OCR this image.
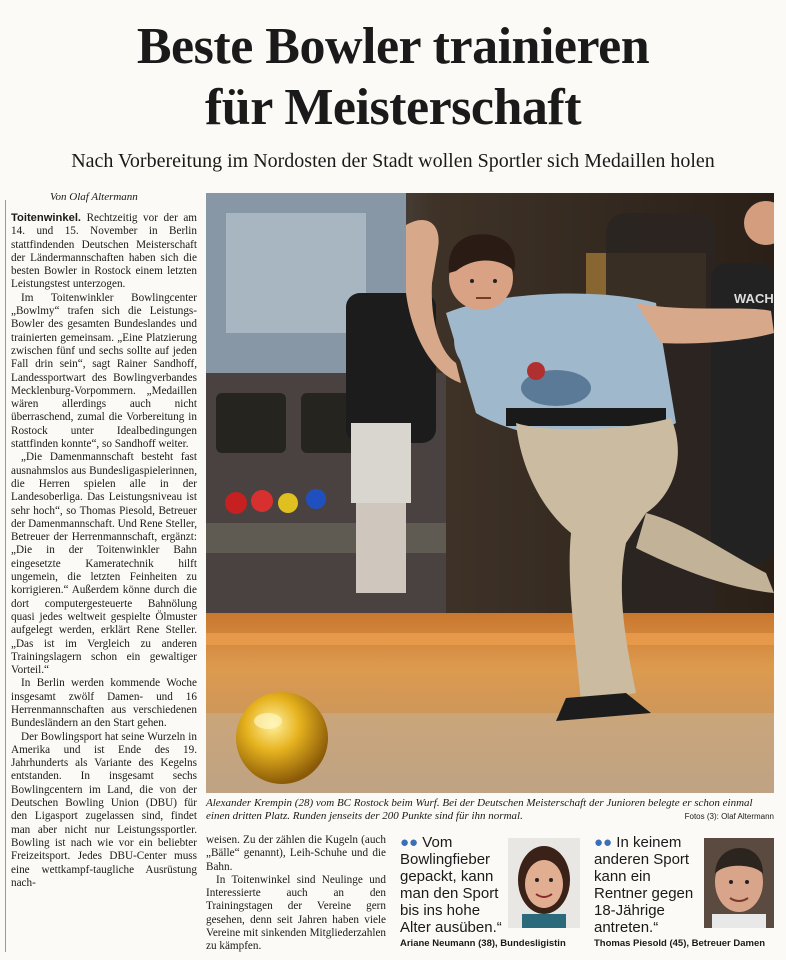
Beste Bowler trainieren
für Meisterschaft
Nach Vorbereitung im Nordosten der Stadt wollen Sportler sich Medaillen holen
Von Olaf Altermann

Toitenwinkel. Rechtzeitig vor der am 14. und 15. November in Berlin stattfindenden Deutschen Meisterschaft der Ländermannschaften haben sich die besten Bowler in Rostock einem letzten Leistungstest unterzogen.

Im Toitenwinkler Bowlingcenter „Bowlmy“ trafen sich die Leistungs-Bowler des gesamten Bundeslandes und trainierten gemeinsam. „Eine Platzierung zwischen fünf und sechs sollte auf jeden Fall drin sein“, sagt Rainer Sandhoff, Landessportwart des Bowlingverbandes Mecklenburg-Vorpommern. „Medaillen wären allerdings auch nicht überraschend, zumal die Vorbereitung in Rostock unter Idealbedingungen stattfinden konnte“, so Sandhoff weiter.

„Die Damenmannschaft besteht fast ausnahmslos aus Bundesligaspielerinnen, die Herren spielen alle in der Landesoberliga. Das Leistungsniveau ist sehr hoch“, so Thomas Piesold, Betreuer der Damenmannschaft. Und Rene Steller, Betreuer der Herrenmannschaft, ergänzt: „Die in der Toitenwinkler Bahn eingesetzte Kameratechnik hilft ungemein, die letzten Feinheiten zu korrigieren.“ Außerdem könne durch die dort computergesteuerte Bahnölung quasi jedes weltweit gespielte Ölmuster aufgelegt werden, erklärt Rene Steller. „Das ist im Vergleich zu anderen Trainingslagern schon ein gewaltiger Vorteil.“

In Berlin werden kommende Woche insgesamt zwölf Damen- und 16 Herrenmannschaften aus verschiedenen Bundesländern an den Start gehen.

Der Bowlingsport hat seine Wurzeln in Amerika und ist Ende des 19. Jahrhunderts als Variante des Kegelns entstanden. In insgesamt sechs Bowlingcentern im Land, die von der Deutschen Bowling Union (DBU) für den Ligasport zugelassen sind, findet man aber nicht nur Leistungssportler. Bowling ist nach wie vor ein beliebter Freizeitsport. Jedes DBU-Center muss eine wettkampf-taugliche Ausrüstung nach-

WACH
Alexander Krempin (28) vom BC Rostock beim Wurf. Bei der Deutschen Meisterschaft der Junioren belegte er schon einmal einen dritten Platz. Runden jenseits der 200 Punkte sind für ihn normal.	Fotos (3): Olaf Altermann

weisen. Zu der zählen die Kugeln (auch „Bälle“ genannt), Leih-Schuhe und die Bahn.

In Toitenwinkel sind Neulinge und Interessierte auch an den Trainingstagen der Vereine gern gesehen, denn seit Jahren haben viele Vereine mit sinkenden Mitgliederzahlen zu kämpfen.

●● Vom Bowlingfieber gepackt, kann man den Sport bis ins hohe Alter ausüben.“
Ariane Neumann (38), Bundesligistin
●● In keinem anderen Sport kann ein Rentner gegen 18-Jährige antreten.“
Thomas Piesold (45), Betreuer Damen
